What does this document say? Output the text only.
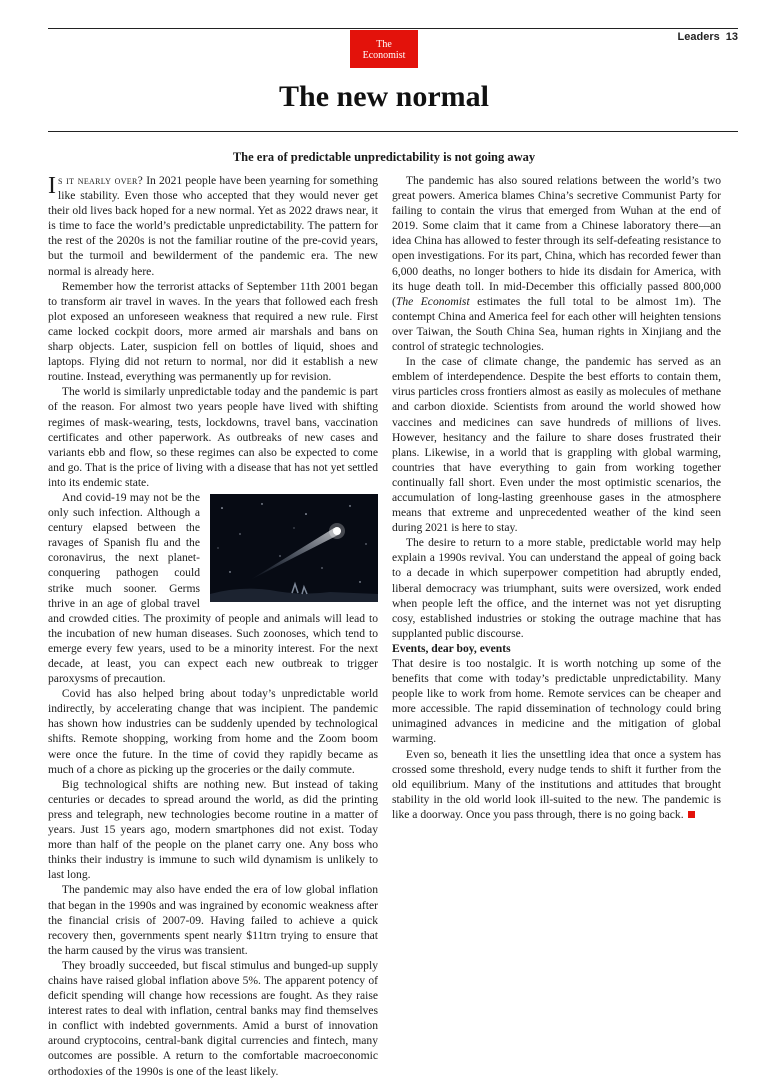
Leaders 13
The
Economist
The new normal
The era of predictable unpredictability is not going away

Is it nearly over? In 2021 people have been yearning for something like stability. Even those who accepted that they would never get their old lives back hoped for a new normal. Yet as 2022 draws near, it is time to face the world’s predictable unpredictability. The pattern for the rest of the 2020s is not the familiar routine of the pre-covid years, but the turmoil and bewilderment of the pandemic era. The new normal is already here.

Remember how the terrorist attacks of September 11th 2001 began to transform air travel in waves. In the years that followed each fresh plot exposed an unforeseen weakness that required a new rule. First came locked cockpit doors, more armed air marshals and bans on sharp objects. Later, suspicion fell on bottles of liquid, shoes and laptops. Flying did not return to normal, nor did it establish a new routine. Instead, everything was permanently up for revision.

The world is similarly unpredictable today and the pandemic is part of the reason. For almost two years people have lived with shifting regimes of mask-wearing, tests, lockdowns, travel bans, vaccination certificates and other paperwork. As outbreaks of new cases and variants ebb and flow, so these regimes can also be expected to come and go. That is the price of living with a disease that has not yet settled into its endemic state.

And covid-19 may not be the only such infection. Although a century elapsed between the ravages of Spanish flu and the coronavirus, the next planet-conquering pathogen could strike much sooner. Germs thrive in an age of global travel and crowded cities. The proximity of people and animals will lead to the incubation of new human diseases. Such zoonoses, which tend to emerge every few years, used to be a minority interest. For the next decade, at least, you can expect each new outbreak to trigger paroxysms of precaution.

Covid has also helped bring about today’s unpredictable world indirectly, by accelerating change that was incipient. The pandemic has shown how industries can be suddenly upended by technological shifts. Remote shopping, working from home and the Zoom boom were once the future. In the time of covid they rapidly became as much of a chore as picking up the groceries or the daily commute.

Big technological shifts are nothing new. But instead of taking centuries or decades to spread around the world, as did the printing press and telegraph, new technologies become routine in a matter of years. Just 15 years ago, modern smartphones did not exist. Today more than half of the people on the planet carry one. Any boss who thinks their industry is immune to such wild dynamism is unlikely to last long.

The pandemic may also have ended the era of low global inflation that began in the 1990s and was ingrained by economic weakness after the financial crisis of 2007-09. Having failed to achieve a quick recovery then, governments spent nearly $11trn trying to ensure that the harm caused by the virus was transient.

They broadly succeeded, but fiscal stimulus and bunged-up supply chains have raised global inflation above 5%. The apparent potency of deficit spending will change how recessions are fought. As they raise interest rates to deal with inflation, central banks may find themselves in conflict with indebted governments. Amid a burst of innovation around cryptocoins, central-bank digital currencies and fintech, many outcomes are possible. A return to the comfortable macroeconomic orthodoxies of the 1990s is one of the least likely.

The pandemic has also soured relations between the world’s two great powers. America blames China’s secretive Communist Party for failing to contain the virus that emerged from Wuhan at the end of 2019. Some claim that it came from a Chinese laboratory there—an idea China has allowed to fester through its self-defeating resistance to open investigations. For its part, China, which has recorded fewer than 6,000 deaths, no longer bothers to hide its disdain for America, with its huge death toll. In mid-December this officially passed 800,000 (The Economist estimates the full total to be almost 1m). The contempt China and America feel for each other will heighten tensions over Taiwan, the South China Sea, human rights in Xinjiang and the control of strategic technologies.

In the case of climate change, the pandemic has served as an emblem of interdependence. Despite the best efforts to contain them, virus particles cross frontiers almost as easily as molecules of methane and carbon dioxide. Scientists from around the world showed how vaccines and medicines can save hundreds of millions of lives. However, hesitancy and the failure to share doses frustrated their plans. Likewise, in a world that is grappling with global warming, countries that have everything to gain from working together continually fall short. Even under the most optimistic scenarios, the accumulation of long-lasting greenhouse gases in the atmosphere means that extreme and unprecedented weather of the kind seen during 2021 is here to stay.

The desire to return to a more stable, predictable world may help explain a 1990s revival. You can understand the appeal of going back to a decade in which superpower competition had abruptly ended, liberal democracy was triumphant, suits were oversized, work ended when people left the office, and the internet was not yet disrupting cosy, established industries or stoking the outrage machine that has supplanted public discourse.

Events, dear boy, events

That desire is too nostalgic. It is worth notching up some of the benefits that come with today’s predictable unpredictability. Many people like to work from home. Remote services can be cheaper and more accessible. The rapid dissemination of technology could bring unimagined advances in medicine and the mitigation of global warming.

Even so, beneath it lies the unsettling idea that once a system has crossed some threshold, every nudge tends to shift it further from the old equilibrium. Many of the institutions and attitudes that brought stability in the old world look ill-suited to the new. The pandemic is like a doorway. Once you pass through, there is no going back.
